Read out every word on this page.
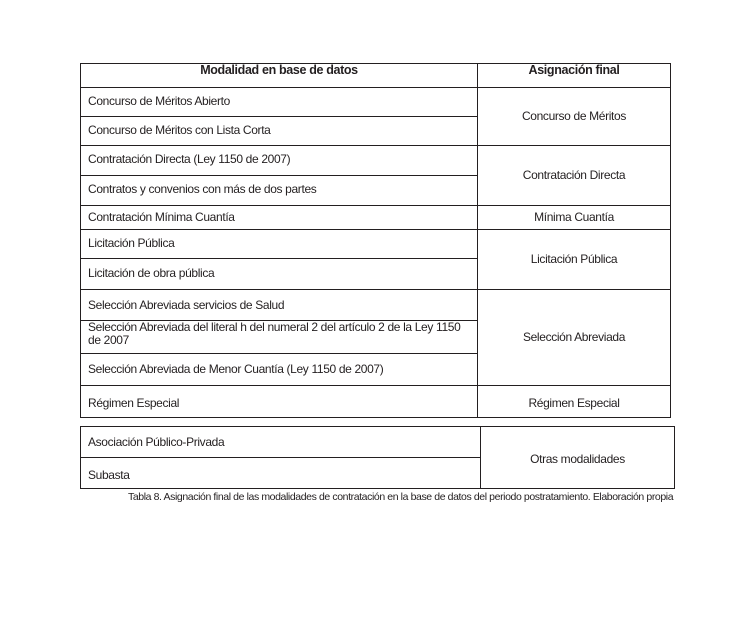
Modalidad en base de datos	Asignación final
Concurso de Méritos Abierto
Concurso de Méritos con Lista Corta
Contratación Directa (Ley 1150 de 2007)
Contratos y convenios con más de dos partes
Contratación Mínima Cuantía
Licitación Pública
Licitación de obra pública
Selección Abreviada servicios de Salud
Selección Abreviada del literal h del numeral 2 del artículo 2 de la Ley 1150 de 2007
Selección Abreviada de Menor Cuantía (Ley 1150 de 2007)
Régimen Especial
Concurso de Méritos
Contratación Directa
Mínima Cuantía
Licitación Pública
Selección Abreviada
Régimen Especial
Asociación Público-Privada
Subasta
Otras modalidades
Tabla 8. Asignación final de las modalidades de contratación en la base de datos del periodo postratamiento. Elaboración propia
